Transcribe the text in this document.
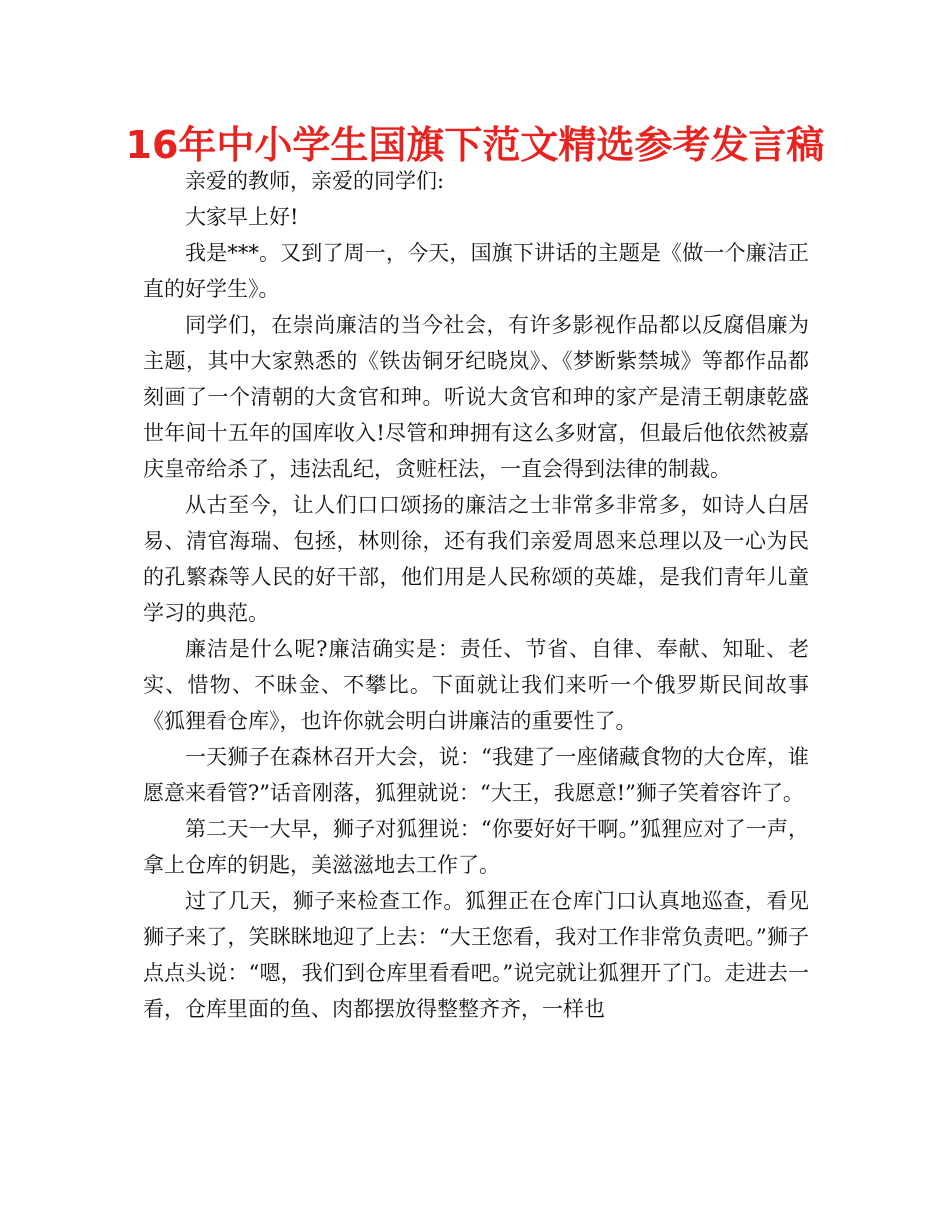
16年中小学生国旗下范文精选参考发言稿

亲爱的教师，亲爱的同学们:

大家早上好!

我是***。又到了周一，今天，国旗下讲话的主题是《做一个廉洁正直的好学生》。

同学们，在崇尚廉洁的当今社会，有许多影视作品都以反腐倡廉为主题，其中大家熟悉的《铁齿铜牙纪晓岚》、《梦断紫禁城》等都作品都刻画了一个清朝的大贪官和珅。听说大贪官和珅的家产是清王朝康乾盛世年间十五年的国库收入!尽管和珅拥有这么多财富，但最后他依然被嘉庆皇帝给杀了，违法乱纪，贪赃枉法，一直会得到法律的制裁。

从古至今，让人们口口颂扬的廉洁之士非常多非常多，如诗人白居易、清官海瑞、包拯，林则徐，还有我们亲爱周恩来总理以及一心为民的孔繁森等人民的好干部，他们用是人民称颂的英雄，是我们青年儿童学习的典范。

廉洁是什么呢?廉洁确实是：责任、节省、自律、奉献、知耻、老实、惜物、不昧金、不攀比。下面就让我们来听一个俄罗斯民间故事《狐狸看仓库》，也许你就会明白讲廉洁的重要性了。

一天狮子在森林召开大会，说：“我建了一座储藏食物的大仓库，谁愿意来看管?”话音刚落，狐狸就说：“大王，我愿意!”狮子笑着容许了。

第二天一大早，狮子对狐狸说：“你要好好干啊。”狐狸应对了一声，拿上仓库的钥匙，美滋滋地去工作了。

过了几天，狮子来检查工作。狐狸正在仓库门口认真地巡查，看见狮子来了，笑眯眯地迎了上去：“大王您看，我对工作非常负责吧。”狮子点点头说：“嗯，我们到仓库里看看吧。”说完就让狐狸开了门。走进去一看，仓库里面的鱼、肉都摆放得整整齐齐，一样也
